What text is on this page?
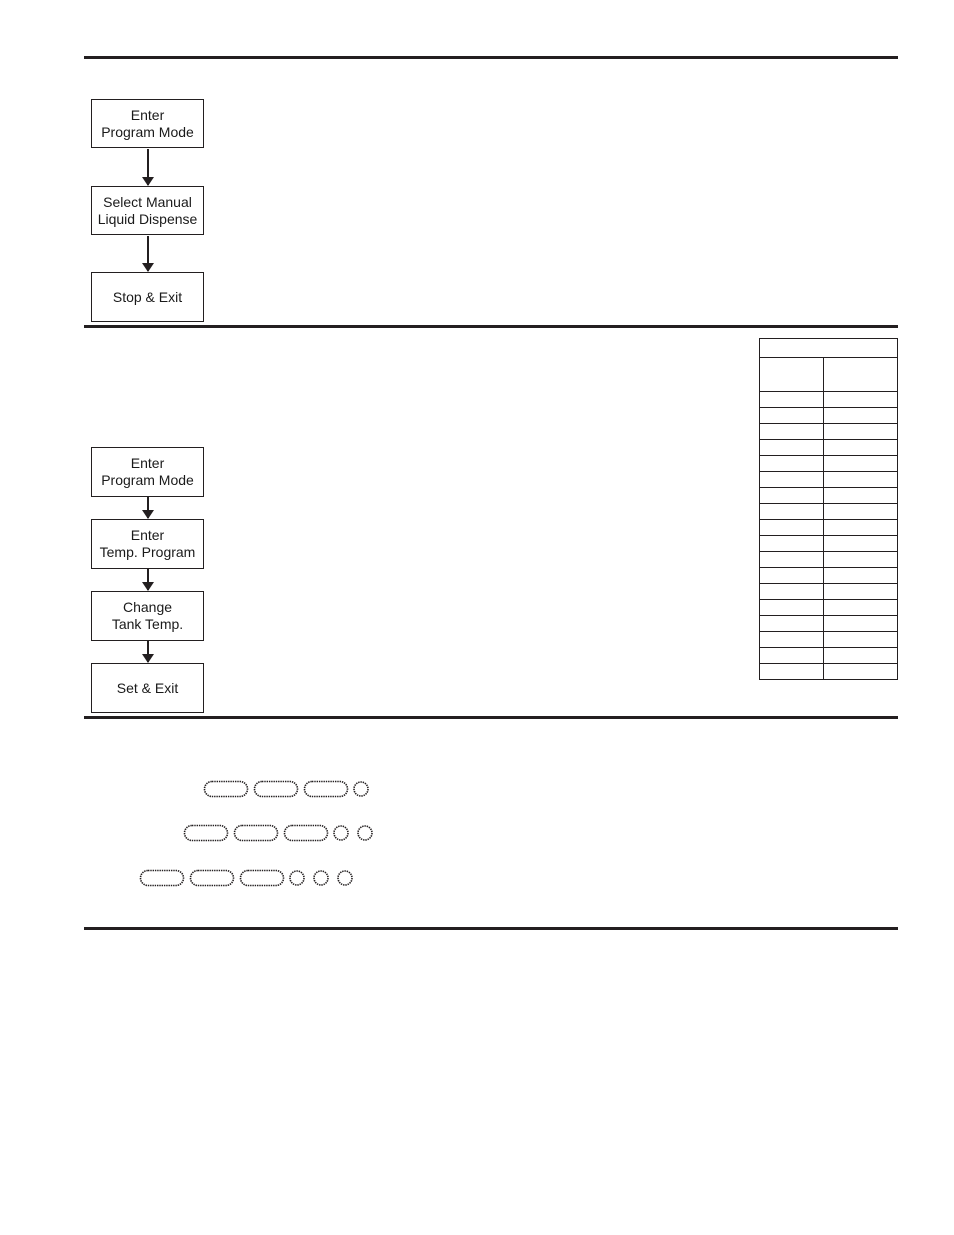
Enter
Program Mode
Select Manual
Liquid Dispense
Stop & Exit
Enter
Program Mode
Enter
Temp. Program
Change
Tank Temp.
Set & Exit
